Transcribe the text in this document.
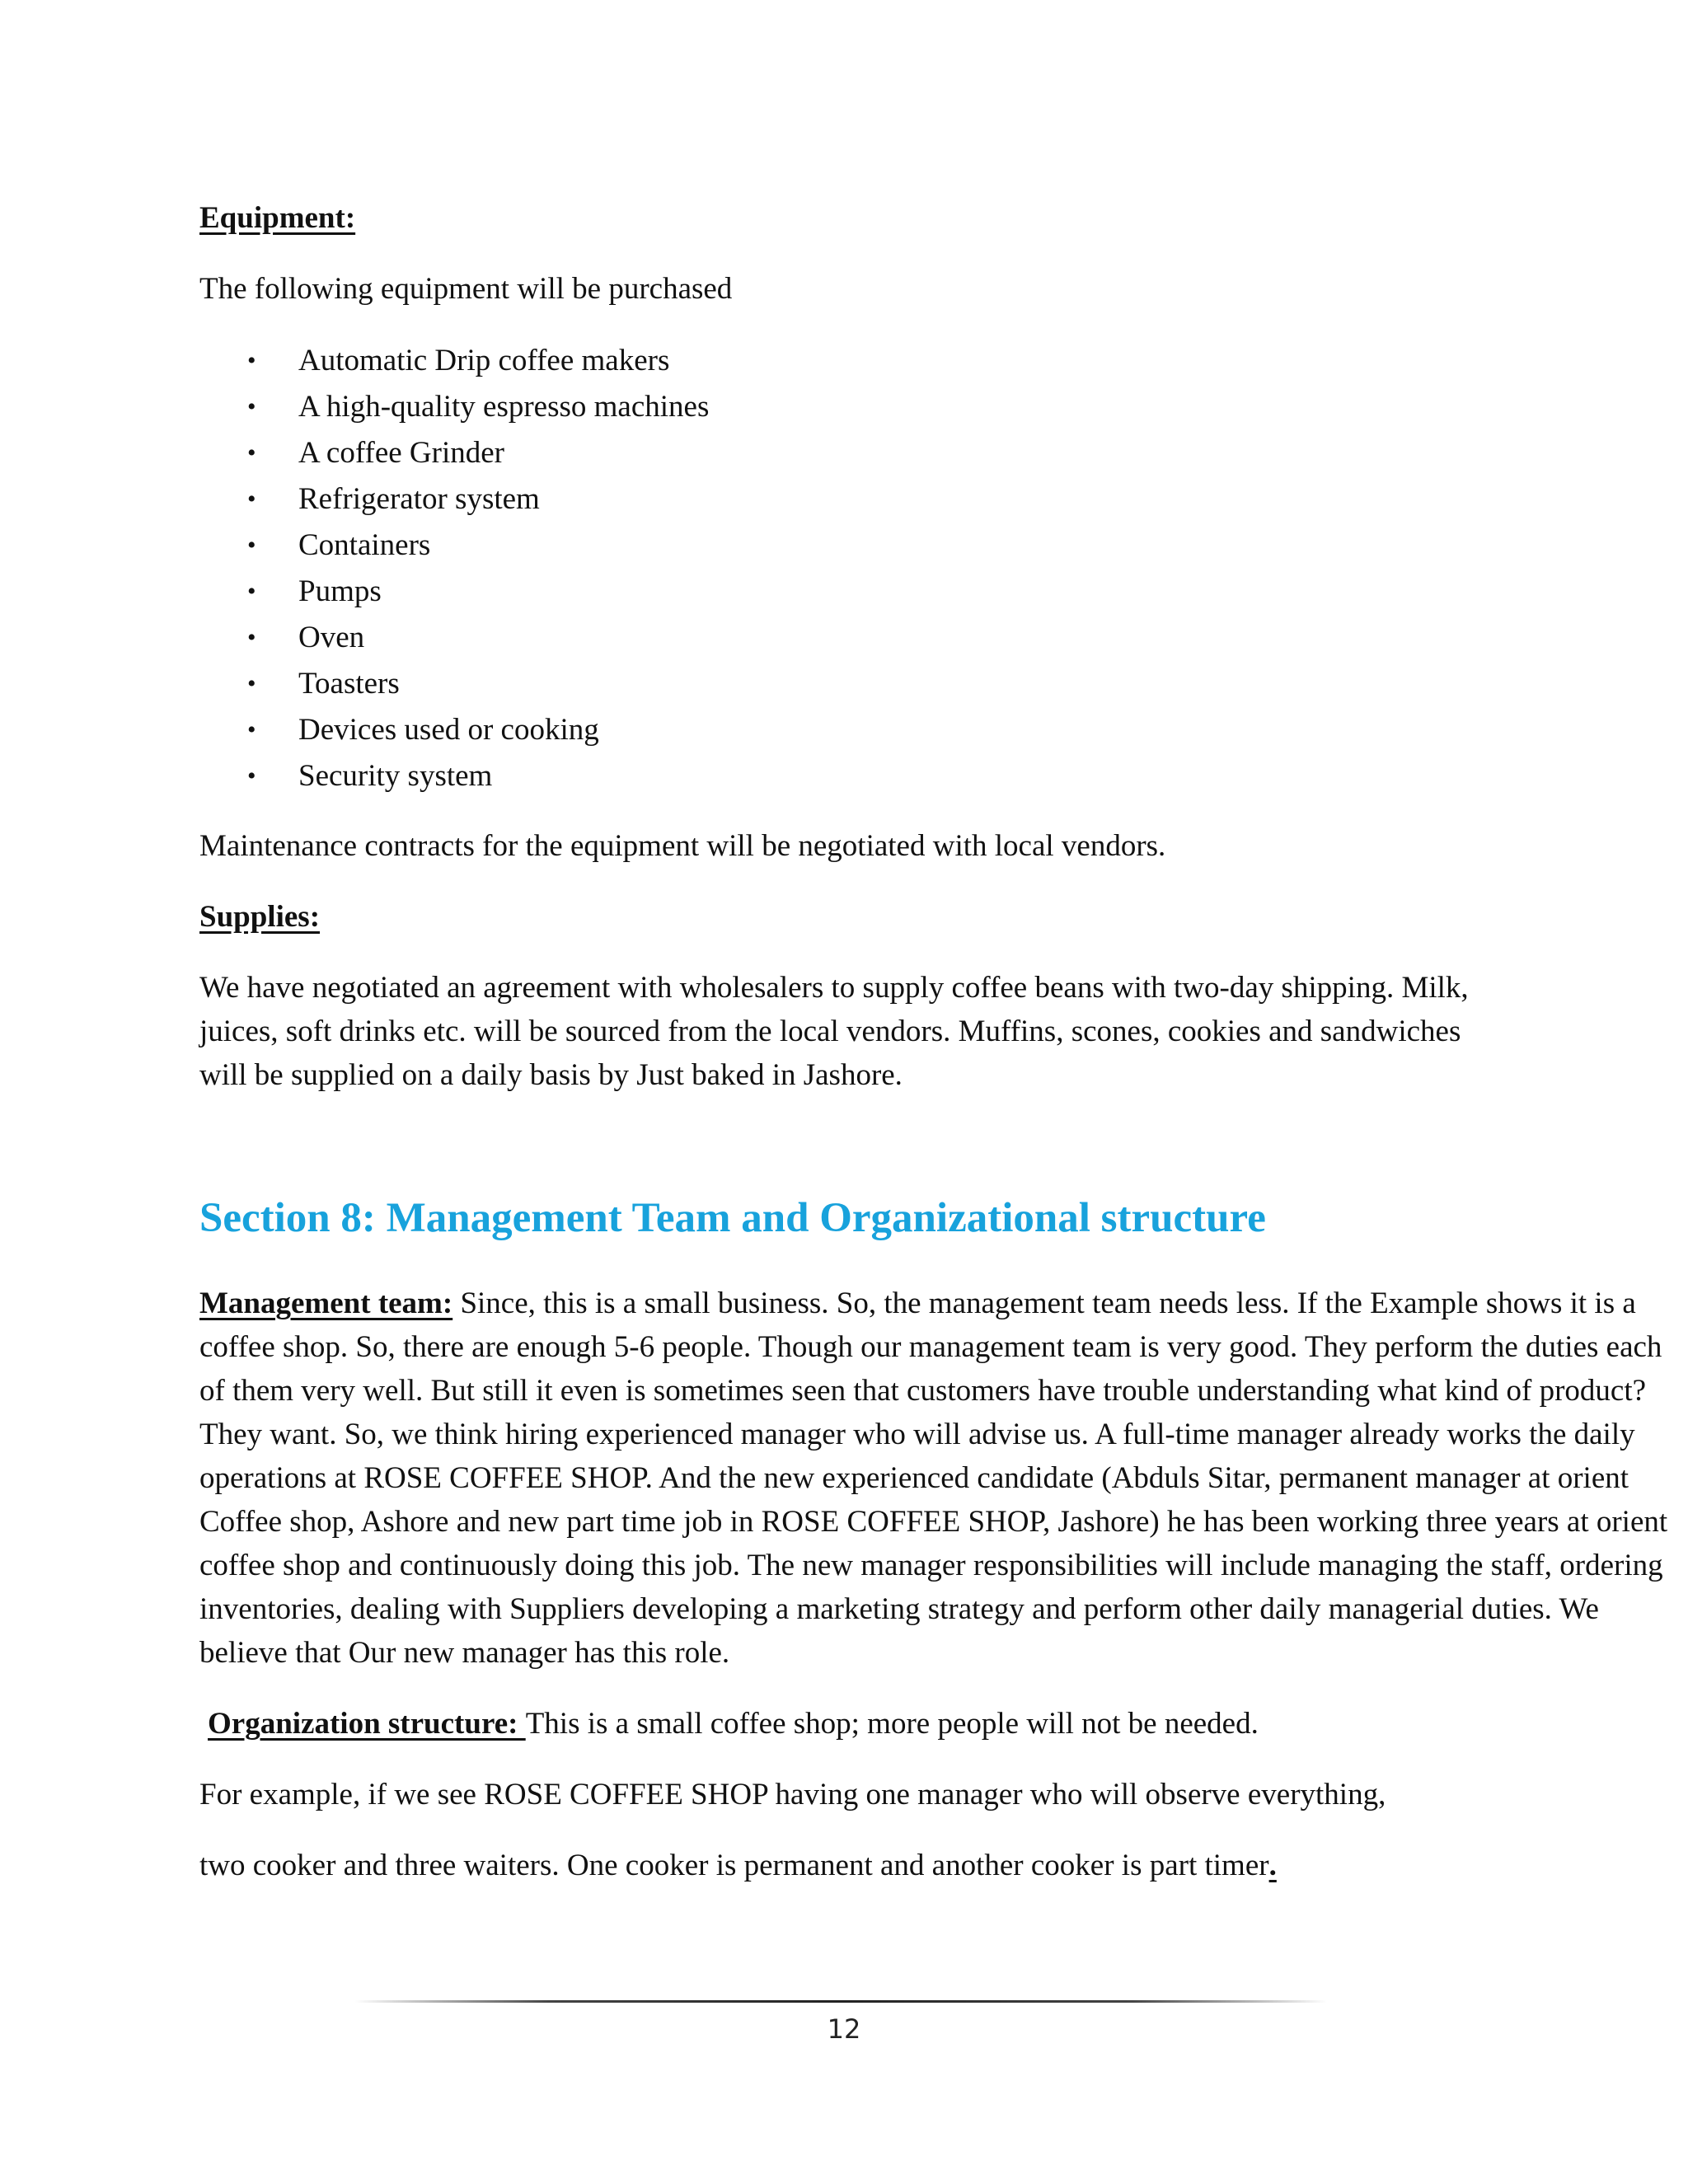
Equipment:

The following equipment will be purchased

• Automatic Drip coffee makers
• A high-quality espresso machines
• A coffee Grinder
• Refrigerator system
• Containers
• Pumps
• Oven
• Toasters
• Devices used or cooking
• Security system

Maintenance contracts for the equipment will be negotiated with local vendors.

Supplies:

We have negotiated an agreement with wholesalers to supply coffee beans with two-day shipping. Milk, juices, soft drinks etc. will be sourced from the local vendors. Muffins, scones, cookies and sandwiches will be supplied on a daily basis by Just baked in Jashore.

Section 8: Management Team and Organizational structure

Management team: Since, this is a small business. So, the management team needs less. If the Example shows it is a coffee shop. So, there are enough 5-6 people. Though our management team is very good. They perform the duties each of them very well. But still it even is sometimes seen that customers have trouble understanding what kind of product? They want. So, we think hiring experienced manager who will advise us. A full-time manager already works the daily operations at ROSE COFFEE SHOP. And the new experienced candidate (Abduls Sitar, permanent manager at orient Coffee shop, Ashore and new part time job in ROSE COFFEE SHOP, Jashore) he has been working three years at orient coffee shop and continuously doing this job. The new manager responsibilities will include managing the staff, ordering inventories, dealing with Suppliers developing a marketing strategy and perform other daily managerial duties. We believe that Our new manager has this role.

Organization structure: This is a small coffee shop; more people will not be needed.

For example, if we see ROSE COFFEE SHOP having one manager who will observe everything,

two cooker and three waiters. One cooker is permanent and another cooker is part timer.

12
